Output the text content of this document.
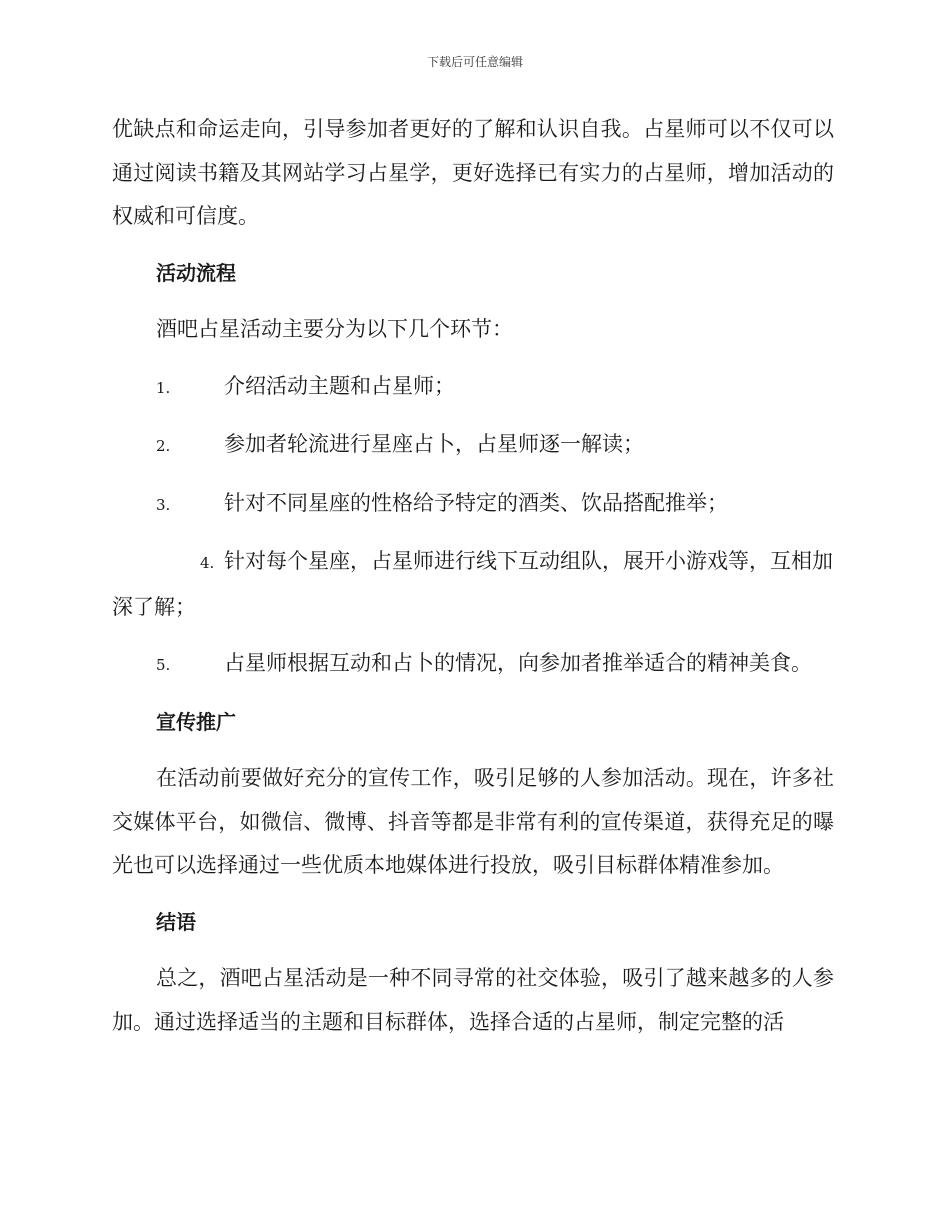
下载后可任意编辑

优缺点和命运走向，引导参加者更好的了解和认识自我。占星师可以不仅可以通过阅读书籍及其网站学习占星学，更好选择已有实力的占星师，增加活动的权威和可信度。

活动流程

酒吧占星活动主要分为以下几个环节：

1.	介绍活动主题和占星师；
2.	参加者轮流进行星座占卜，占星师逐一解读；
3.	针对不同星座的性格给予特定的酒类、饮品搭配推举；
4. 针对每个星座，占星师进行线下互动组队，展开小游戏等，互相加深了解；
5.	占星师根据互动和占卜的情况，向参加者推举适合的精神美食。
宣传推广

在活动前要做好充分的宣传工作，吸引足够的人参加活动。现在，许多社交媒体平台，如微信、微博、抖音等都是非常有利的宣传渠道，获得充足的曝光也可以选择通过一些优质本地媒体进行投放，吸引目标群体精准参加。

结语

总之，酒吧占星活动是一种不同寻常的社交体验，吸引了越来越多的人参加。通过选择适当的主题和目标群体，选择合适的占星师，制定完整的活
